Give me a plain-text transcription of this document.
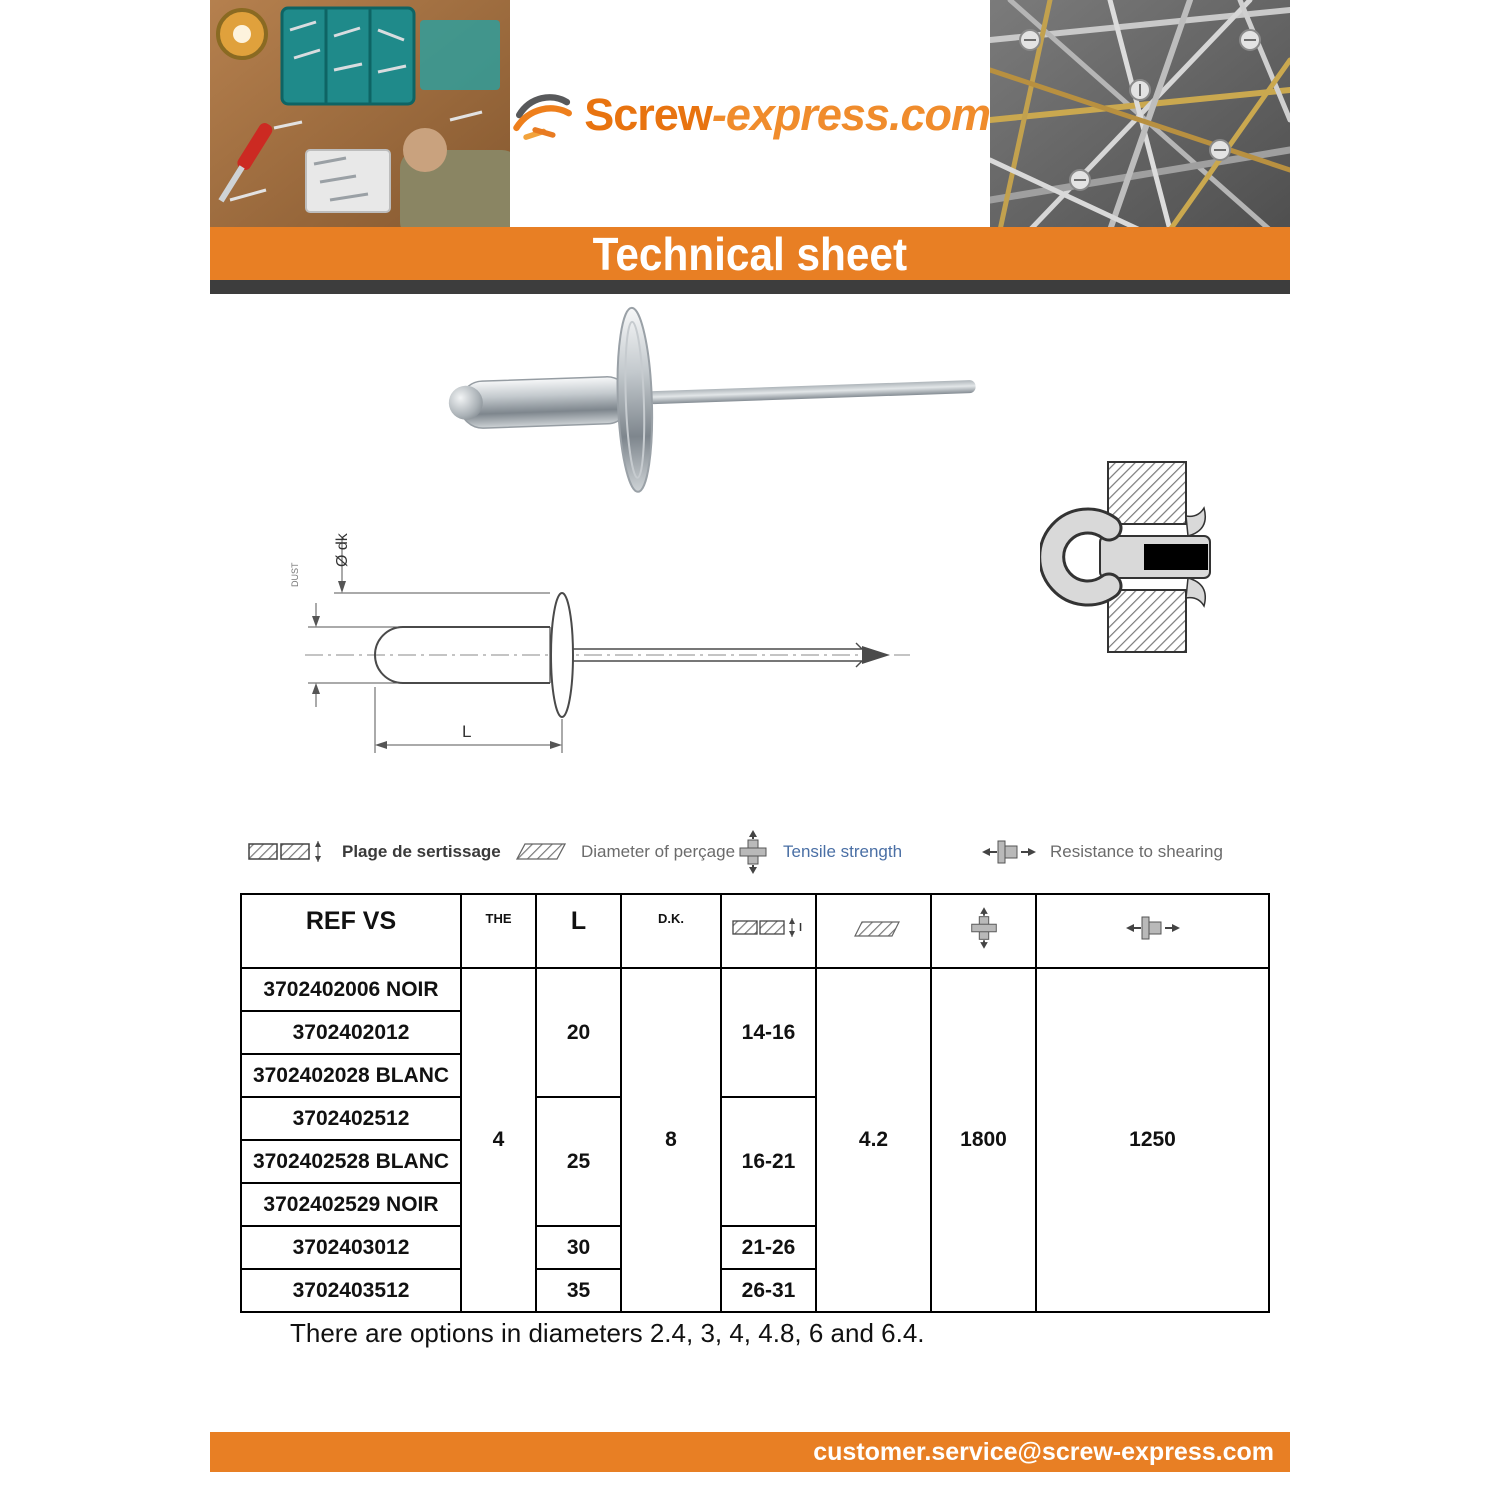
Screw-express.com
Technical sheet
Ø dk
DUST
L
Plage de sertissage	Diameter of perçage	Tensile strength	Resistance to shearing
REF VS	THE	L	D.K.	l

3702402006 NOIR	4	20	8	14-16	4.2	1800	1250
3702402012							
3702402028 BLANC							
3702402512		25		16-21			
3702402528 BLANC							
3702402529 NOIR							
3702403012		30		21-26			
3702403512		35		26-31			
There are options in diameters 2.4, 3, 4, 4.8, 6 and 6.4.
customer.service@screw-express.com
